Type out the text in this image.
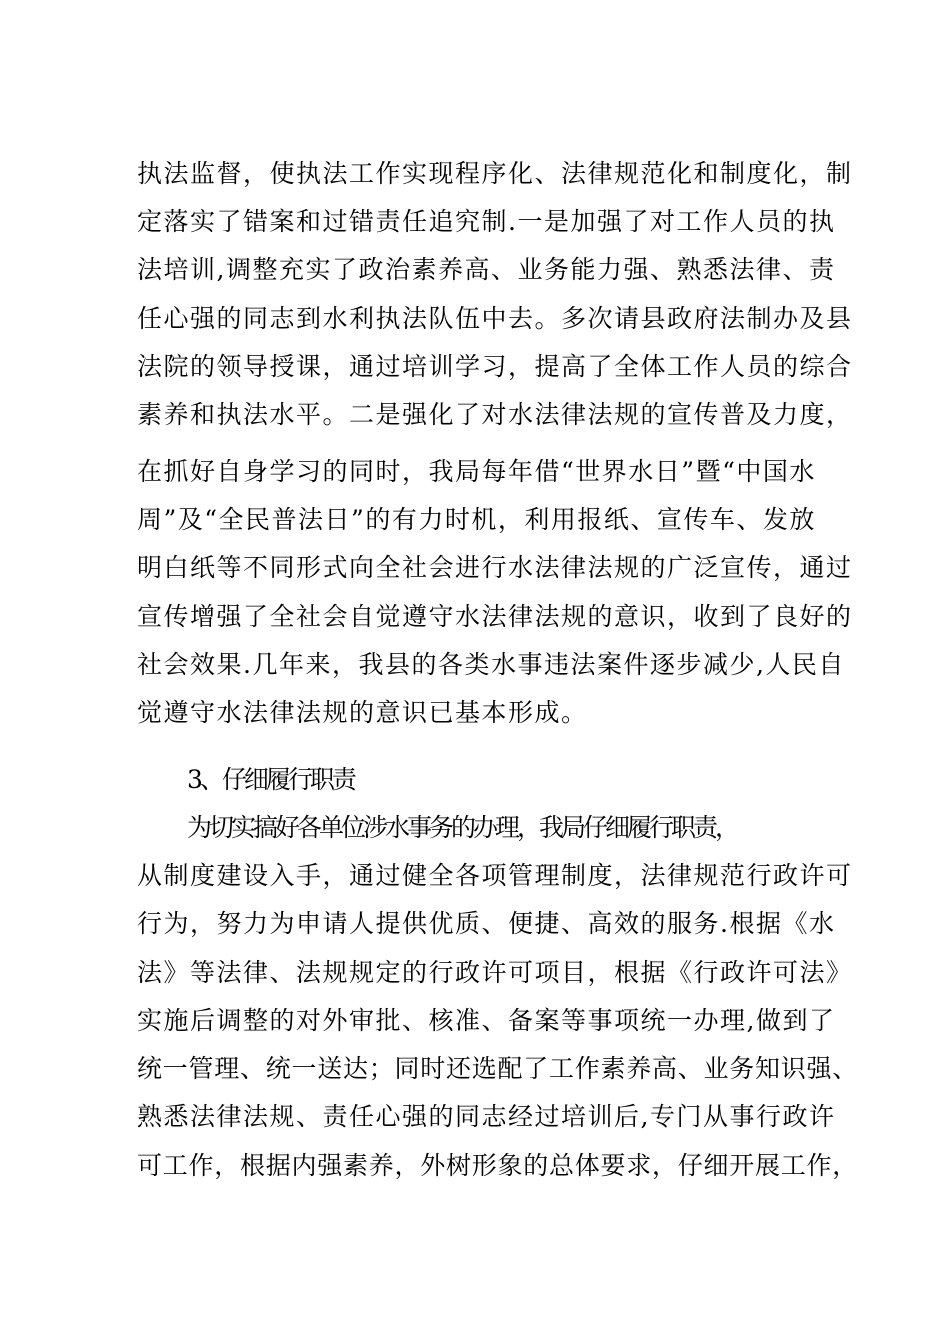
执法监督，使执法工作实现程序化、法律规范化和制度化，制

定落实了错案和过错责任追究制.一是加强了对工作人员的执

法培训,调整充实了政治素养高、业务能力强、熟悉法律、责

任心强的同志到水利执法队伍中去。多次请县政府法制办及县

法院的领导授课，通过培训学习，提高了全体工作人员的综合

素养和执法水平。二是强化了对水法律法规的宣传普及力度，

在抓好自身学习的同时，我局每年借“世界水日”暨“中国水

周”及“全民普法日”的有力时机，利用报纸、宣传车、发放

明白纸等不同形式向全社会进行水法律法规的广泛宣传，通过

宣传增强了全社会自觉遵守水法律法规的意识，收到了良好的

社会效果.几年来，我县的各类水事违法案件逐步减少,人民自

觉遵守水法律法规的意识已基本形成。

3、仔细履行职责

为切实搞好各单位涉水事务的办理，我局仔细履行职责，

从制度建设入手，通过健全各项管理制度，法律规范行政许可

行为，努力为申请人提供优质、便捷、高效的服务.根据《水

法》等法律、法规规定的行政许可项目，根据《行政许可法》

实施后调整的对外审批、核准、备案等事项统一办理,做到了

统一管理、统一送达；同时还选配了工作素养高、业务知识强、

熟悉法律法规、责任心强的同志经过培训后,专门从事行政许

可工作，根据内强素养，外树形象的总体要求，仔细开展工作，
